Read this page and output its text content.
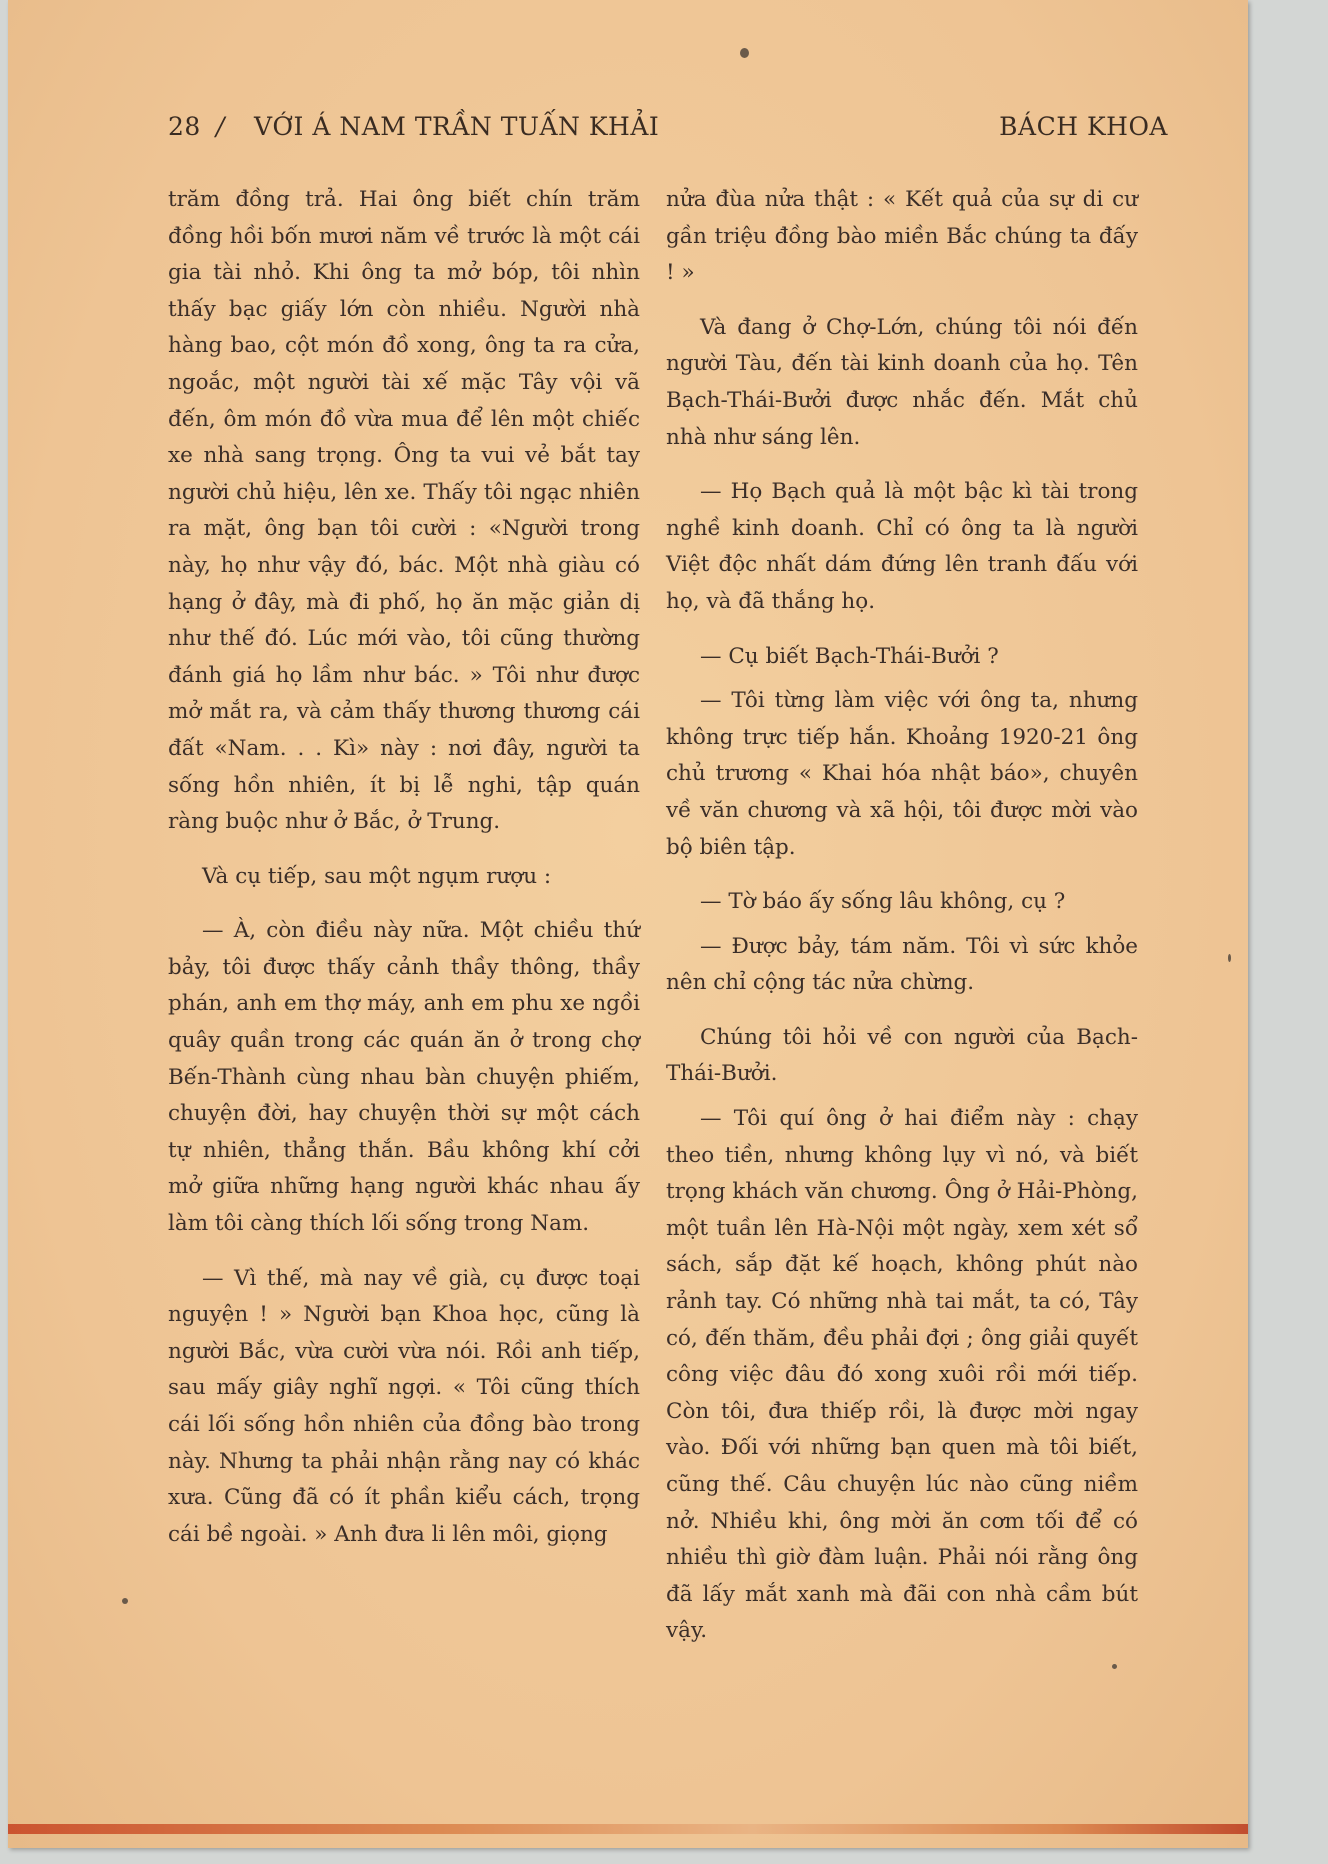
28 / VỚI Á NAM TRẦN TUẤN KHẢI	BÁCH KHOA

trăm đồng trả. Hai ông biết chín trăm đồng hồi bốn mươi năm về trước là một cái gia tài nhỏ. Khi ông ta mở bóp, tôi nhìn thấy bạc giấy lớn còn nhiều. Người nhà hàng bao, cột món đồ xong, ông ta ra cửa, ngoắc, một người tài xế mặc Tây vội vã đến, ôm món đồ vừa mua để lên một chiếc xe nhà sang trọng. Ông ta vui vẻ bắt tay người chủ hiệu, lên xe. Thấy tôi ngạc nhiên ra mặt, ông bạn tôi cười : «Người trong này, họ như vậy đó, bác. Một nhà giàu có hạng ở đây, mà đi phố, họ ăn mặc giản dị như thế đó. Lúc mới vào, tôi cũng thường đánh giá họ lầm như bác. » Tôi như được mở mắt ra, và cảm thấy thương thương cái đất «Nam. . . Kì» này : nơi đây, người ta sống hồn nhiên, ít bị lễ nghi, tập quán ràng buộc như ở Bắc, ở Trung.

Và cụ tiếp, sau một ngụm rượu :

— À, còn điều này nữa. Một chiều thứ bảy, tôi được thấy cảnh thầy thông, thầy phán, anh em thợ máy, anh em phu xe ngồi quây quần trong các quán ăn ở trong chợ Bến-Thành cùng nhau bàn chuyện phiếm, chuyện đời, hay chuyện thời sự một cách tự nhiên, thẳng thắn. Bầu không khí cởi mở giữa những hạng người khác nhau ấy làm tôi càng thích lối sống trong Nam.

— Vì thế, mà nay về già, cụ được toại nguyện ! » Người bạn Khoa học, cũng là người Bắc, vừa cười vừa nói. Rồi anh tiếp, sau mấy giây nghĩ ngợi. « Tôi cũng thích cái lối sống hồn nhiên của đồng bào trong này. Nhưng ta phải nhận rằng nay có khác xưa. Cũng đã có ít phần kiểu cách, trọng cái bề ngoài. » Anh đưa li lên môi, giọng

nửa đùa nửa thật : « Kết quả của sự di cư gần triệu đồng bào miền Bắc chúng ta đấy ! »

Và đang ở Chợ-Lớn, chúng tôi nói đến người Tàu, đến tài kinh doanh của họ. Tên Bạch-Thái-Bưởi được nhắc đến. Mắt chủ nhà như sáng lên.

— Họ Bạch quả là một bậc kì tài trong nghề kinh doanh. Chỉ có ông ta là người Việt độc nhất dám đứng lên tranh đấu với họ, và đã thắng họ.

— Cụ biết Bạch-Thái-Bưởi ?

— Tôi từng làm việc với ông ta, nhưng không trực tiếp hắn. Khoảng 1920-21 ông chủ trương « Khai hóa nhật báo», chuyên về văn chương và xã hội, tôi được mời vào bộ biên tập.

— Tờ báo ấy sống lâu không, cụ ?

— Được bảy, tám năm. Tôi vì sức khỏe nên chỉ cộng tác nửa chừng.

Chúng tôi hỏi về con người của Bạch-Thái-Bưởi.

— Tôi quí ông ở hai điểm này : chạy theo tiền, nhưng không lụy vì nó, và biết trọng khách văn chương. Ông ở Hải-Phòng, một tuần lên Hà-Nội một ngày, xem xét sổ sách, sắp đặt kế hoạch, không phút nào rảnh tay. Có những nhà tai mắt, ta có, Tây có, đến thăm, đều phải đợi ; ông giải quyết công việc đâu đó xong xuôi rồi mới tiếp. Còn tôi, đưa thiếp rồi, là được mời ngay vào. Đối với những bạn quen mà tôi biết, cũng thế. Câu chuyện lúc nào cũng niềm nở. Nhiều khi, ông mời ăn cơm tối để có nhiều thì giờ đàm luận. Phải nói rằng ông đã lấy mắt xanh mà đãi con nhà cầm bút vậy.
